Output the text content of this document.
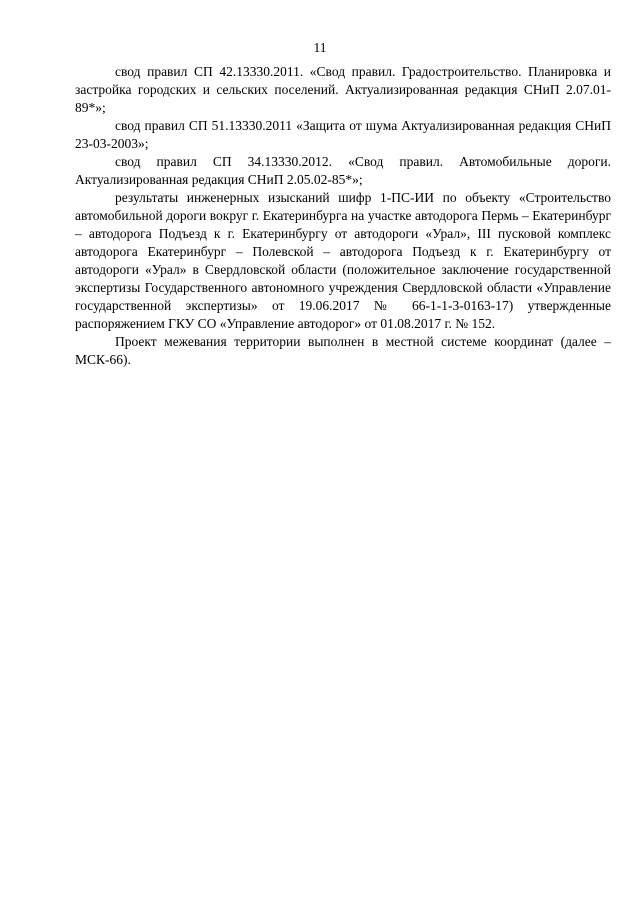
11

свод правил СП 42.13330.2011. «Свод правил. Градостроительство. Планировка и застройка городских и сельских поселений. Актуализированная редакция СНиП 2.07.01-89*»;

свод правил СП 51.13330.2011 «Защита от шума Актуализированная редакция СНиП 23-03-2003»;

свод правил СП 34.13330.2012. «Свод правил. Автомобильные дороги. Актуализированная редакция СНиП 2.05.02-85*»;

результаты инженерных изысканий шифр 1-ПС-ИИ по объекту «Строительство автомобильной дороги вокруг г. Екатеринбурга на участке автодорога Пермь – Екатеринбург – автодорога Подъезд к г. Екатеринбургу от автодороги «Урал», III пусковой комплекс автодорога Екатеринбург – Полевской – автодорога Подъезд к г. Екатеринбургу от автодороги «Урал» в Свердловской области (положительное заключение государственной экспертизы Государственного автономного учреждения Свердловской области «Управление государственной экспертизы» от 19.06.2017 № 66-1-1-3-0163-17) утвержденные распоряжением ГКУ СО «Управление автодорог» от 01.08.2017 г. № 152.

Проект межевания территории выполнен в местной системе координат (далее – МСК-66).
